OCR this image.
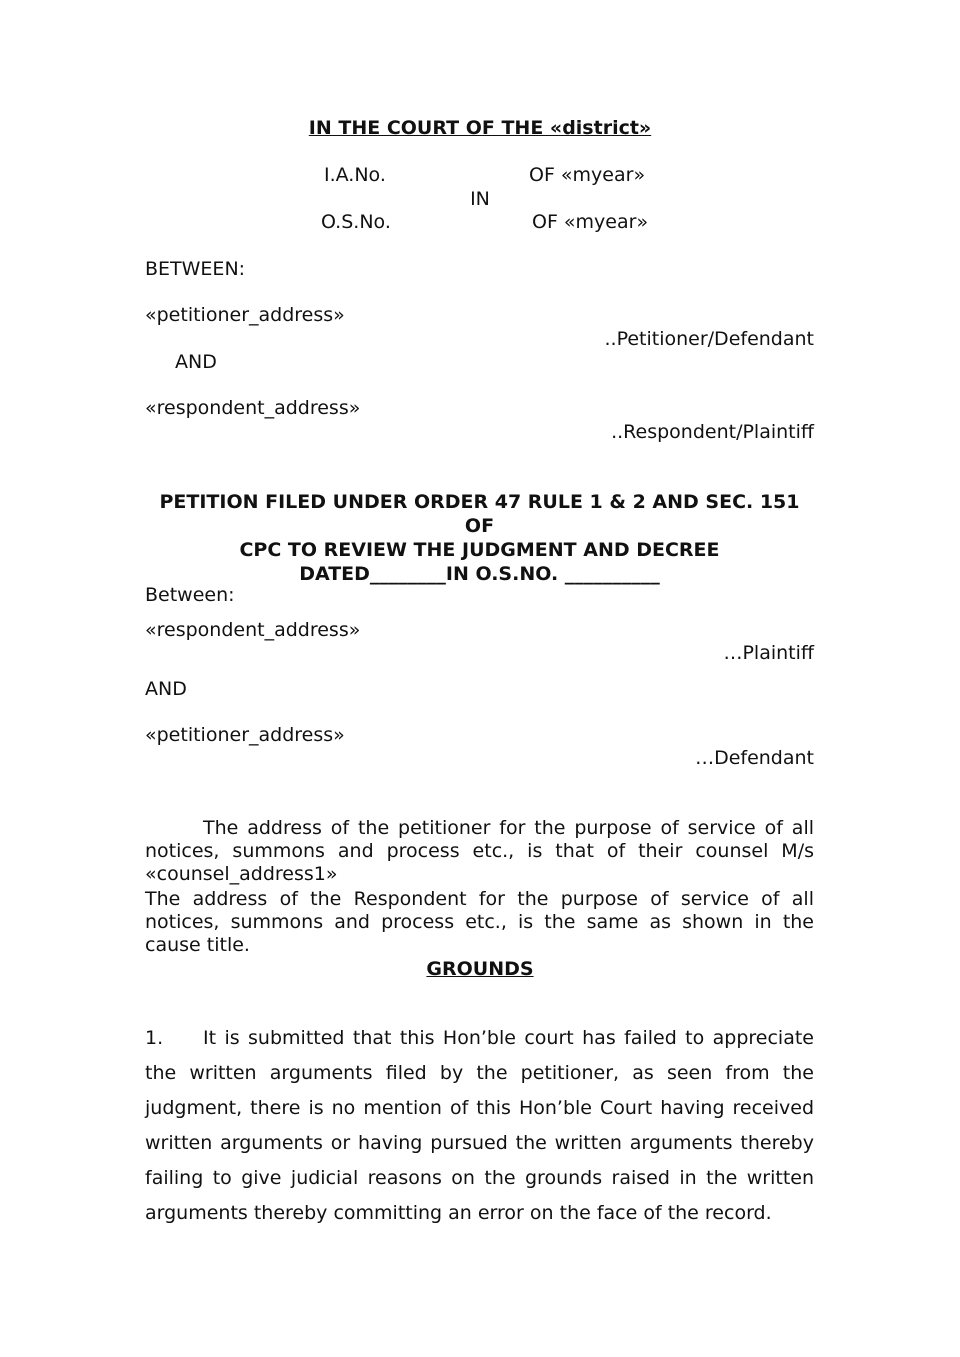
IN THE COURT OF THE «district»
I.A.No.	OF «myear»
IN
O.S.No.	OF «myear»
BETWEEN:
«petitioner_address»
..Petitioner/Defendant
AND
«respondent_address»
..Respondent/Plaintiff
PETITION FILED UNDER ORDER 47 RULE 1 & 2 AND SEC. 151 OF
CPC TO REVIEW THE JUDGMENT AND DECREE
DATED________IN O.S.NO. __________
Between:
«respondent_address»
…Plaintiff
AND
«petitioner_address»
…Defendant
The address of the petitioner for the purpose of service of all notices, summons and process etc., is that of their counsel M/s «counsel_address1»
The address of the Respondent for the purpose of service of all notices, summons and process etc., is the same as shown in the cause title.
GROUNDS
1. It is submitted that this Hon’ble court has failed to appreciate the written arguments filed by the petitioner, as seen from the judgment, there is no mention of this Hon’ble Court having received written arguments or having pursued the written arguments thereby failing to give judicial reasons on the grounds raised in the written arguments thereby committing an error on the face of the record.
